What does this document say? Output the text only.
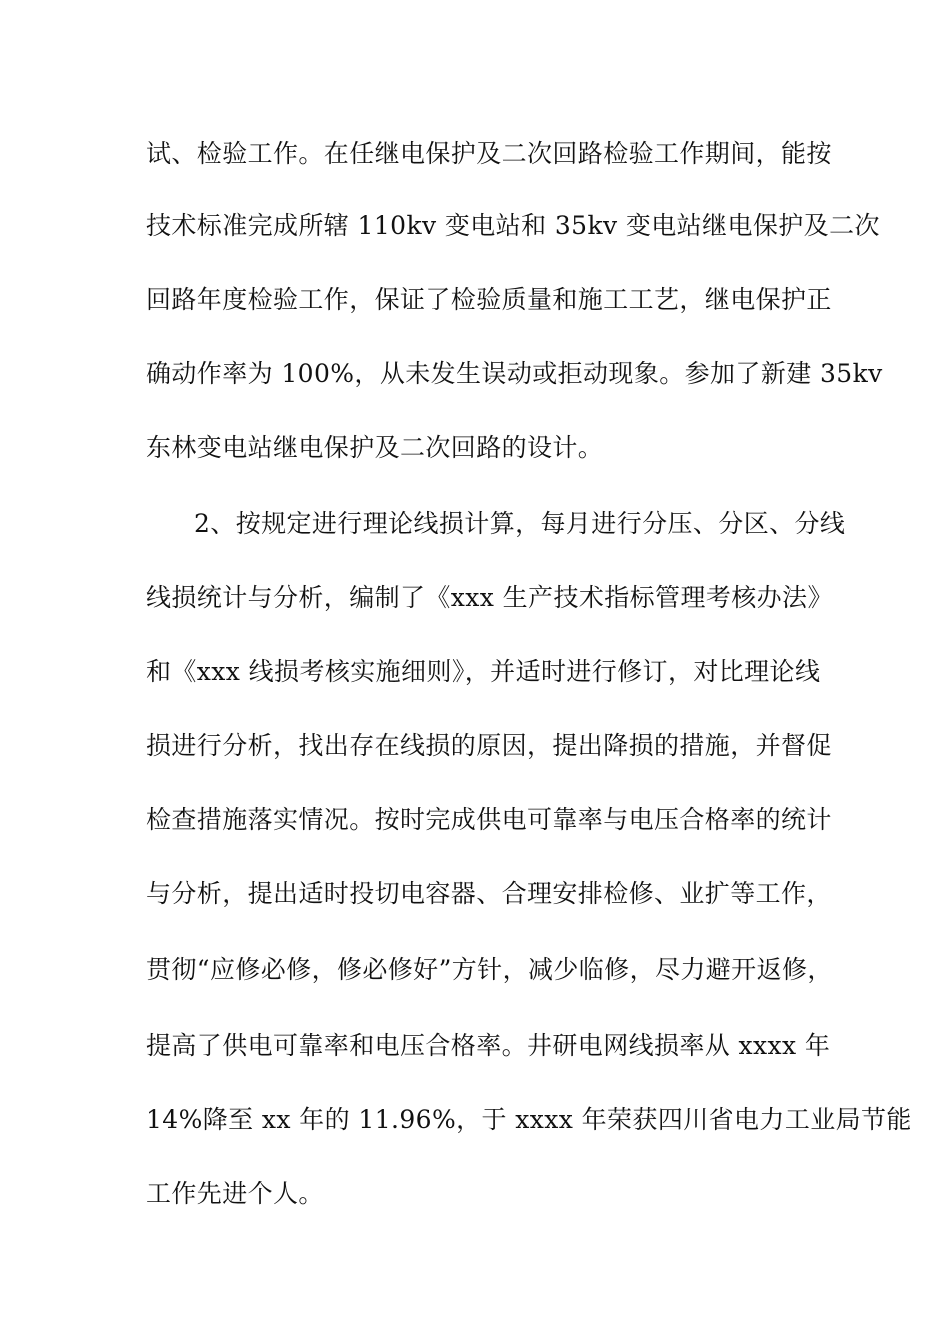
试、检验工作。在任继电保护及二次回路检验工作期间，能按
技术标准完成所辖 110kv 变电站和 35kv 变电站继电保护及二次
回路年度检验工作，保证了检验质量和施工工艺，继电保护正
确动作率为 100%，从未发生误动或拒动现象。参加了新建 35kv
东林变电站继电保护及二次回路的设计。
2、按规定进行理论线损计算，每月进行分压、分区、分线
线损统计与分析，编制了《xxx 生产技术指标管理考核办法》
和《xxx 线损考核实施细则》，并适时进行修订，对比理论线
损进行分析，找出存在线损的原因，提出降损的措施，并督促
检查措施落实情况。按时完成供电可靠率与电压合格率的统计
与分析，提出适时投切电容器、合理安排检修、业扩等工作，
贯彻“应修必修，修必修好”方针，减少临修，尽力避开返修，
提高了供电可靠率和电压合格率。井研电网线损率从 xxxx 年
14%降至 xx 年的 11.96%，于 xxxx 年荣获四川省电力工业局节能
工作先进个人。
